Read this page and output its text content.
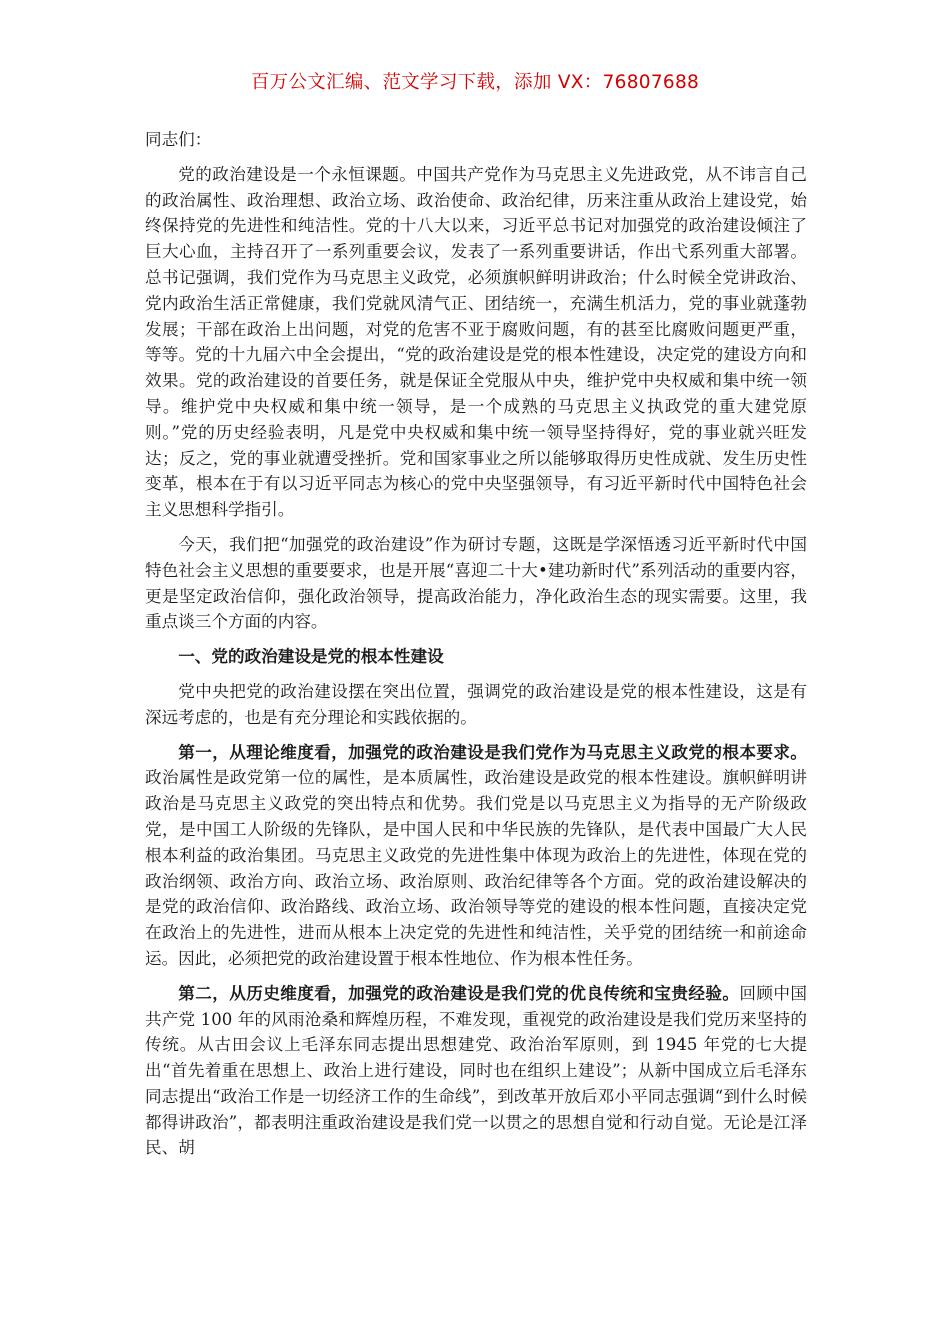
百万公文汇编、范文学习下载，添加 VX：76807688

同志们：

党的政治建设是一个永恒课题。中国共产党作为马克思主义先进政党，从不讳言自己的政治属性、政治理想、政治立场、政治使命、政治纪律，历来注重从政治上建设党，始终保持党的先进性和纯洁性。党的十八大以来，习近平总书记对加强党的政治建设倾注了巨大心血，主持召开了一系列重要会议，发表了一系列重要讲话，作出弋系列重大部署。总书记强调，我们党作为马克思主义政党，必须旗帜鲜明讲政治；什么时候全党讲政治、党内政治生活正常健康，我们党就风清气正、团结统一，充满生机活力，党的事业就蓬勃发展；干部在政治上出问题，对党的危害不亚于腐败问题，有的甚至比腐败问题更严重，等等。党的十九届六中全会提出，“党的政治建设是党的根本性建设，决定党的建设方向和效果。党的政治建设的首要任务，就是保证全党服从中央，维护党中央权威和集中统一领导。维护党中央权威和集中统一领导，是一个成熟的马克思主义执政党的重大建党原则。”党的历史经验表明，凡是党中央权威和集中统一领导坚持得好，党的事业就兴旺发达；反之，党的事业就遭受挫折。党和国家事业之所以能够取得历史性成就、发生历史性变革，根本在于有以习近平同志为核心的党中央坚强领导，有习近平新时代中国特色社会主义思想科学指引。

今天，我们把“加强党的政治建设”作为研讨专题，这既是学深悟透习近平新时代中国特色社会主义思想的重要要求，也是开展“喜迎二十大•建功新时代”系列活动的重要内容，更是坚定政治信仰，强化政治领导，提高政治能力，净化政治生态的现实需要。这里，我重点谈三个方面的内容。

一、党的政治建设是党的根本性建设

党中央把党的政治建设摆在突出位置，强调党的政治建设是党的根本性建设，这是有深远考虑的，也是有充分理论和实践依据的。

第一，从理论维度看，加强党的政治建设是我们党作为马克思主义政党的根本要求。政治属性是政党第一位的属性，是本质属性，政治建设是政党的根本性建设。旗帜鲜明讲政治是马克思主义政党的突出特点和优势。我们党是以马克思主义为指导的无产阶级政党，是中国工人阶级的先锋队，是中国人民和中华民族的先锋队，是代表中国最广大人民根本利益的政治集团。马克思主义政党的先进性集中体现为政治上的先进性，体现在党的政治纲领、政治方向、政治立场、政治原则、政治纪律等各个方面。党的政治建设解决的是党的政治信仰、政治路线、政治立场、政治领导等党的建设的根本性问题，直接决定党在政治上的先进性，进而从根本上决定党的先进性和纯洁性，关乎党的团结统一和前途命运。因此，必须把党的政治建设置于根本性地位、作为根本性任务。

第二，从历史维度看，加强党的政治建设是我们党的优良传统和宝贵经验。回顾中国共产党 100 年的风雨沧桑和辉煌历程，不难发现，重视党的政治建设是我们党历来坚持的传统。从古田会议上毛泽东同志提出思想建党、政治治军原则，到 1945 年党的七大提出“首先着重在思想上、政治上进行建设，同时也在组织上建设”；从新中国成立后毛泽东同志提出“政治工作是一切经济工作的生命线”，到改革开放后邓小平同志强调“到什么时候都得讲政治”，都表明注重政治建设是我们党一以贯之的思想自觉和行动自觉。无论是江泽民、胡
